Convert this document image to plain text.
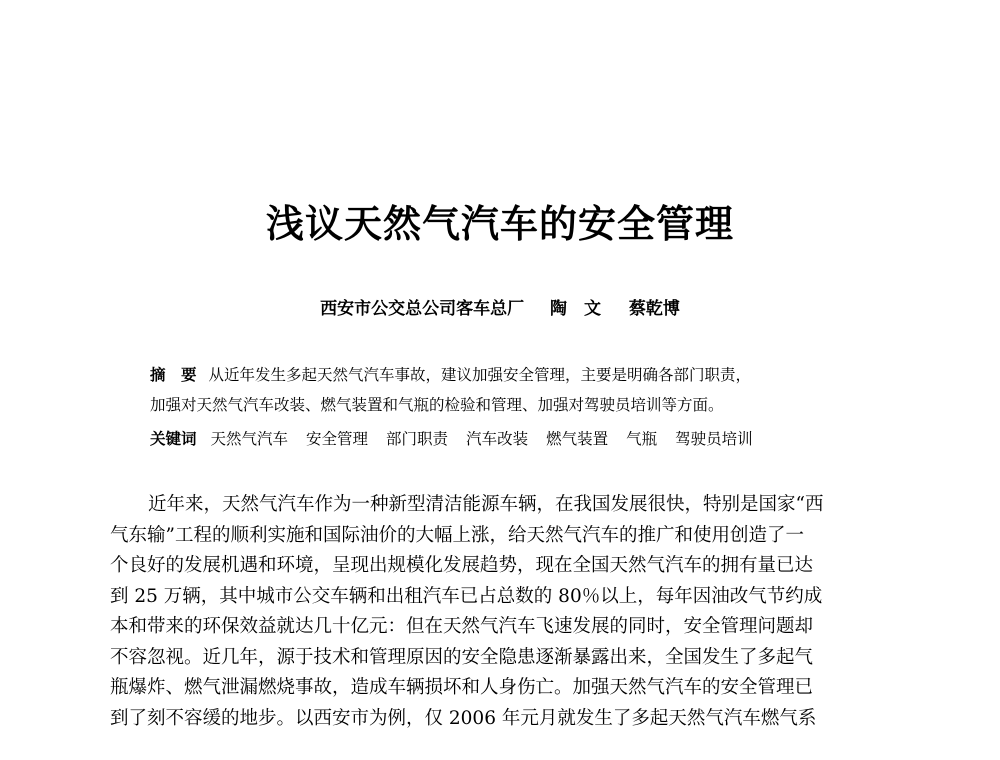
浅议天然气汽车的安全管理
西安市公交总公司客车总厂 陶　文 蔡乾博
摘　要 从近年发生多起天然气汽车事故，建议加强安全管理，主要是明确各部门职责，
加强对天然气汽车改装、燃气装置和气瓶的检验和管理、加强对驾驶员培训等方面。
关键词 天然气汽车 安全管理 部门职责 汽车改装 燃气装置 气瓶 驾驶员培训
近年来，天然气汽车作为一种新型清洁能源车辆，在我国发展很快，特别是国家“西
气东输”工程的顺利实施和国际油价的大幅上涨，给天然气汽车的推广和使用创造了一
个良好的发展机遇和环境，呈现出规模化发展趋势，现在全国天然气汽车的拥有量已达
到 25 万辆，其中城市公交车辆和出租汽车已占总数的 80％以上，每年因油改气节约成
本和带来的环保效益就达几十亿元：但在天然气汽车飞速发展的同时，安全管理问题却
不容忽视。近几年，源于技术和管理原因的安全隐患逐渐暴露出来，全国发生了多起气
瓶爆炸、燃气泄漏燃烧事故，造成车辆损坏和人身伤亡。加强天然气汽车的安全管理已
到了刻不容缓的地步。以西安市为例，仅 2006 年元月就发生了多起天然气汽车燃气系
